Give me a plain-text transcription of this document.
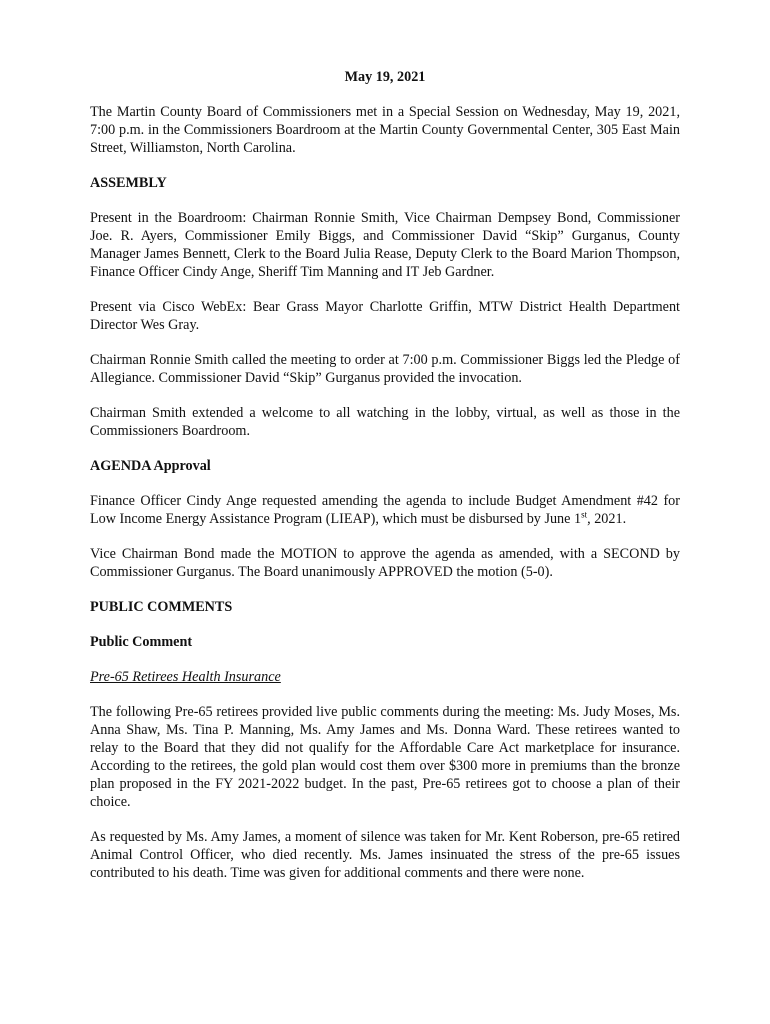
May 19, 2021

The Martin County Board of Commissioners met in a Special Session on Wednesday, May 19, 2021, 7:00 p.m. in the Commissioners Boardroom at the Martin County Governmental Center, 305 East Main Street, Williamston, North Carolina.

ASSEMBLY

Present in the Boardroom: Chairman Ronnie Smith, Vice Chairman Dempsey Bond, Commissioner Joe. R. Ayers, Commissioner Emily Biggs, and Commissioner David “Skip” Gurganus, County Manager James Bennett, Clerk to the Board Julia Rease, Deputy Clerk to the Board Marion Thompson, Finance Officer Cindy Ange, Sheriff Tim Manning and IT Jeb Gardner.

Present via Cisco WebEx: Bear Grass Mayor Charlotte Griffin, MTW District Health Department Director Wes Gray.

Chairman Ronnie Smith called the meeting to order at 7:00 p.m. Commissioner Biggs led the Pledge of Allegiance. Commissioner David “Skip” Gurganus provided the invocation.

Chairman Smith extended a welcome to all watching in the lobby, virtual, as well as those in the Commissioners Boardroom.

AGENDA Approval

Finance Officer Cindy Ange requested amending the agenda to include Budget Amendment #42 for Low Income Energy Assistance Program (LIEAP), which must be disbursed by June 1st, 2021.

Vice Chairman Bond made the MOTION to approve the agenda as amended, with a SECOND by Commissioner Gurganus. The Board unanimously APPROVED the motion (5-0).

PUBLIC COMMENTS
Public Comment
Pre-65 Retirees Health Insurance

The following Pre-65 retirees provided live public comments during the meeting: Ms. Judy Moses, Ms. Anna Shaw, Ms. Tina P. Manning, Ms. Amy James and Ms. Donna Ward. These retirees wanted to relay to the Board that they did not qualify for the Affordable Care Act marketplace for insurance. According to the retirees, the gold plan would cost them over $300 more in premiums than the bronze plan proposed in the FY 2021-2022 budget. In the past, Pre-65 retirees got to choose a plan of their choice.

As requested by Ms. Amy James, a moment of silence was taken for Mr. Kent Roberson, pre-65 retired Animal Control Officer, who died recently. Ms. James insinuated the stress of the pre-65 issues contributed to his death. Time was given for additional comments and there were none.
